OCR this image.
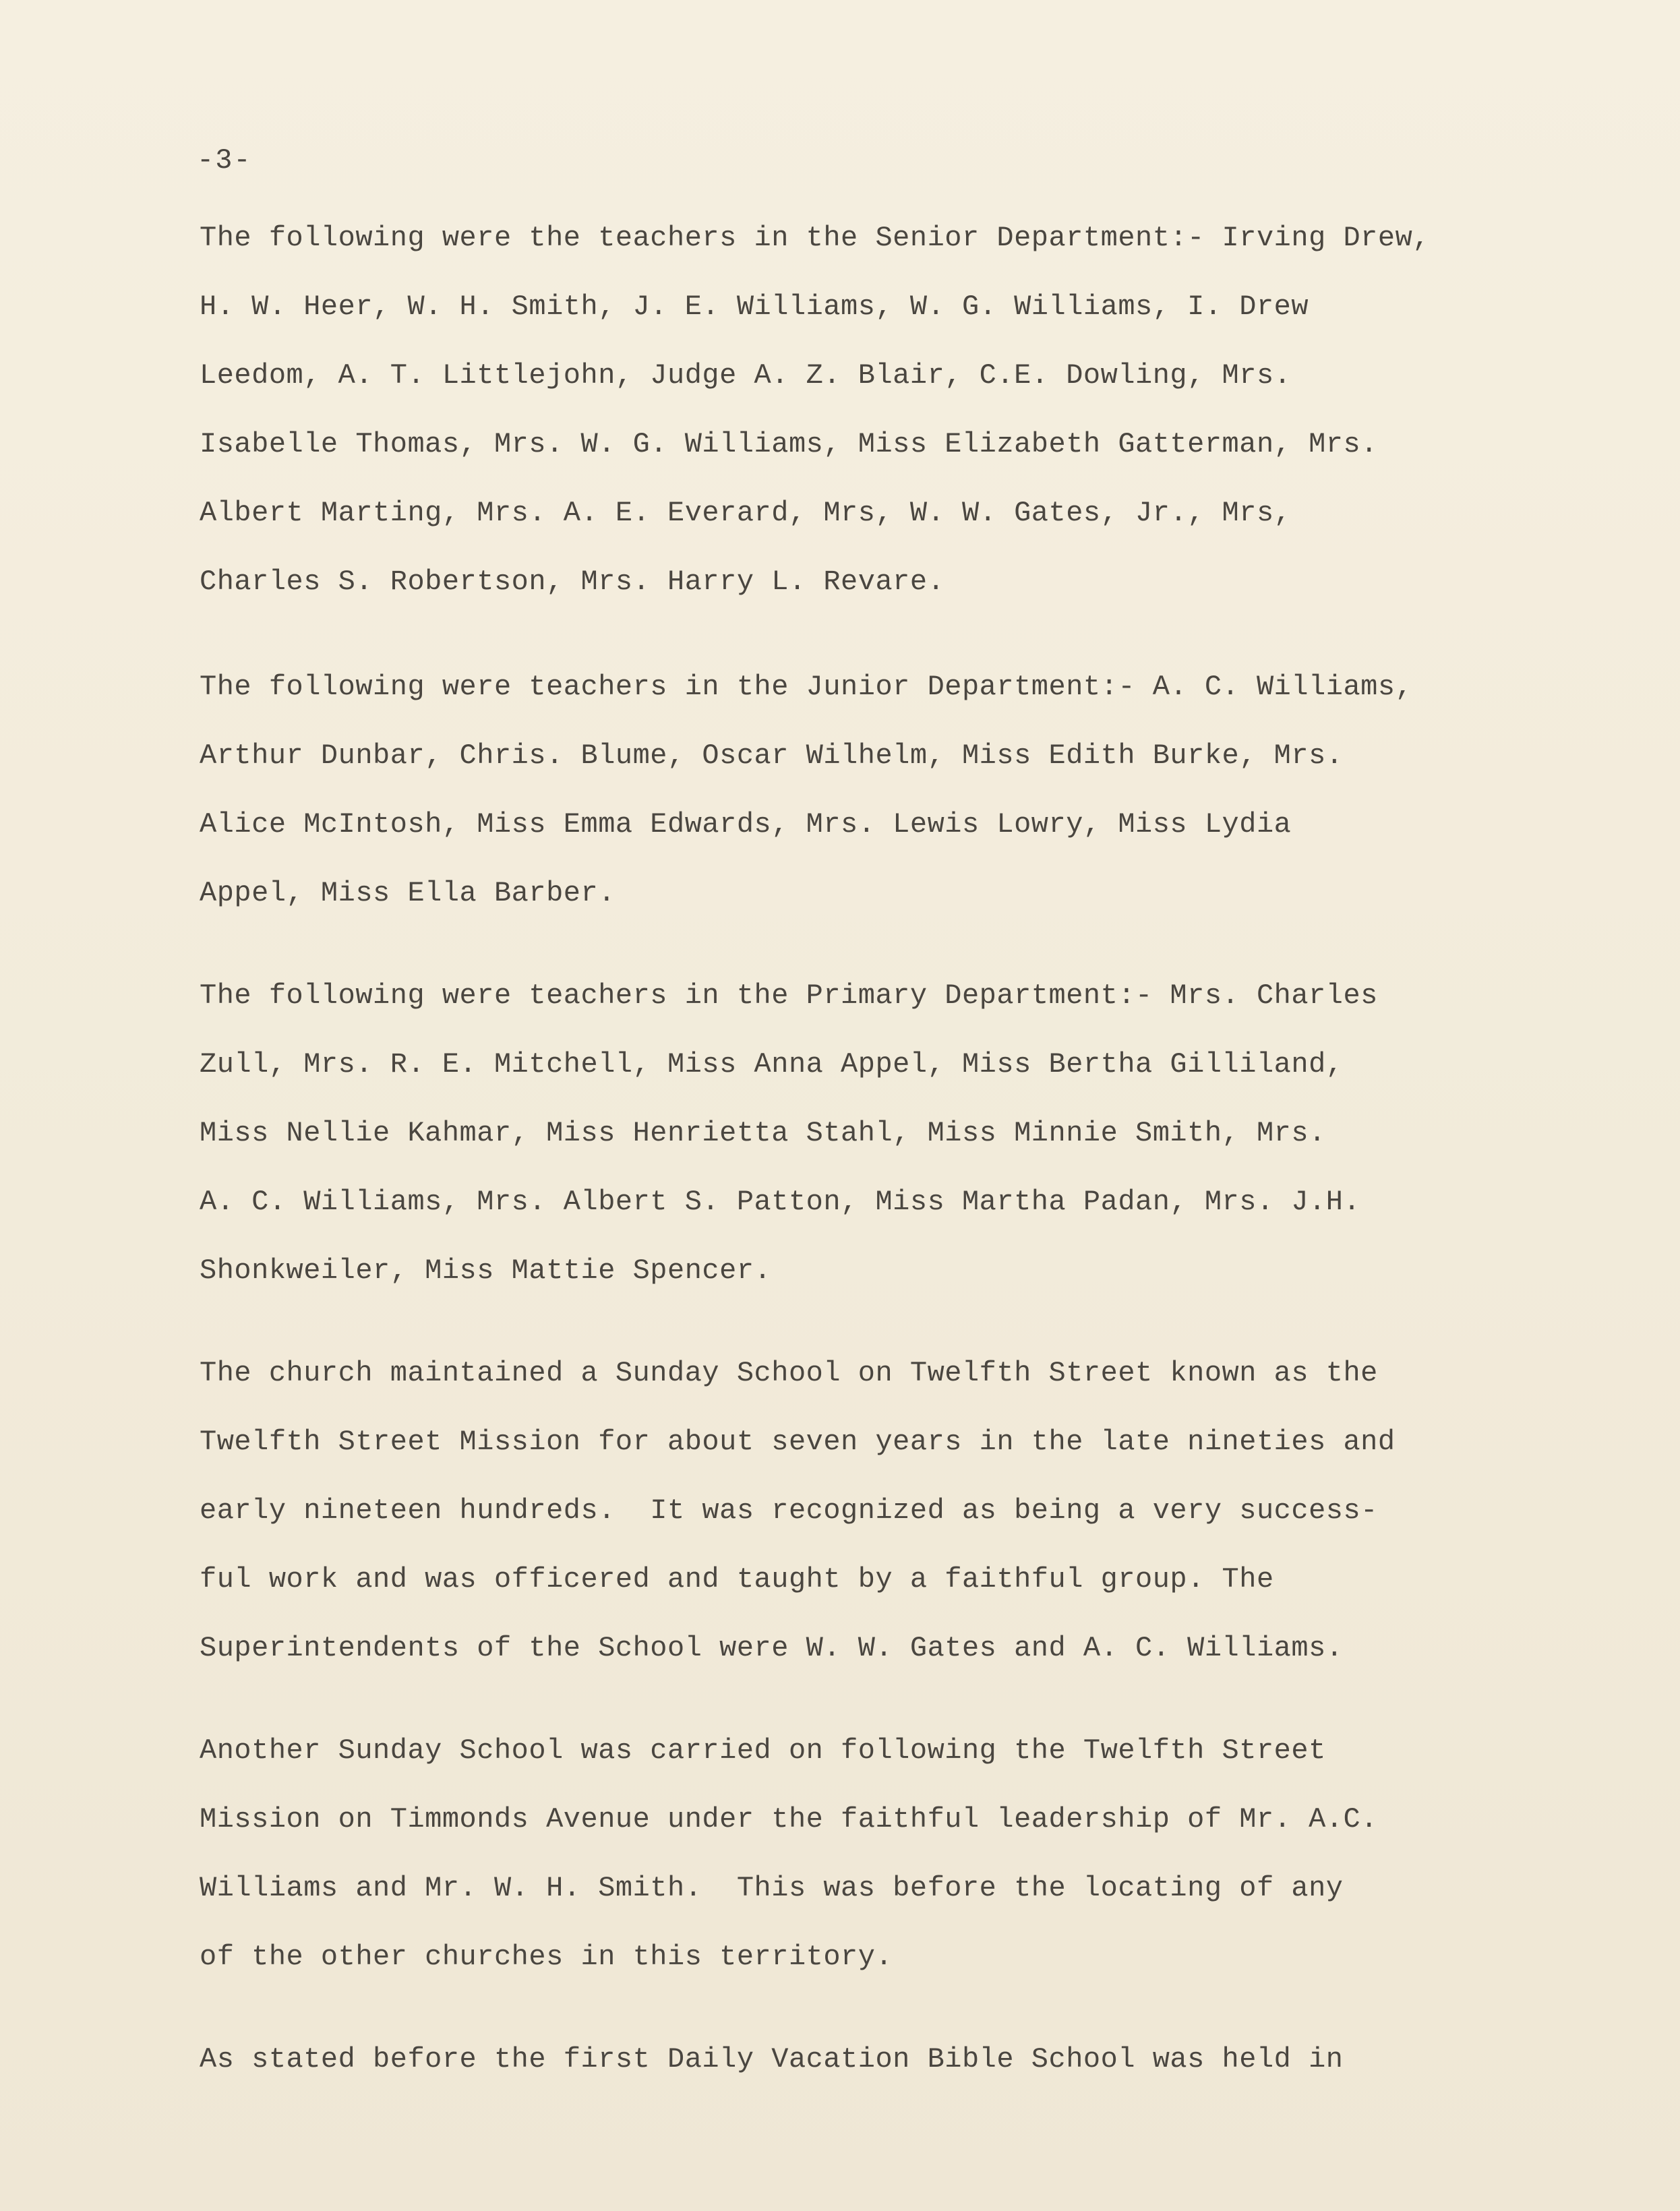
-3-

The following were the teachers in the Senior Department:- Irving Drew,
H. W. Heer, W. H. Smith, J. E. Williams, W. G. Williams, I. Drew
Leedom, A. T. Littlejohn, Judge A. Z. Blair, C.E. Dowling, Mrs.
Isabelle Thomas, Mrs. W. G. Williams, Miss Elizabeth Gatterman, Mrs.
Albert Marting, Mrs. A. E. Everard, Mrs, W. W. Gates, Jr., Mrs,
Charles S. Robertson, Mrs. Harry L. Revare.

The following were teachers in the Junior Department:- A. C. Williams,
Arthur Dunbar, Chris. Blume, Oscar Wilhelm, Miss Edith Burke, Mrs.
Alice McIntosh, Miss Emma Edwards, Mrs. Lewis Lowry, Miss Lydia
Appel, Miss Ella Barber.

The following were teachers in the Primary Department:- Mrs. Charles
Zull, Mrs. R. E. Mitchell, Miss Anna Appel, Miss Bertha Gilliland,
Miss Nellie Kahmar, Miss Henrietta Stahl, Miss Minnie Smith, Mrs.
A. C. Williams, Mrs. Albert S. Patton, Miss Martha Padan, Mrs. J.H.
Shonkweiler, Miss Mattie Spencer.

The church maintained a Sunday School on Twelfth Street known as the
Twelfth Street Mission for about seven years in the late nineties and
early nineteen hundreds.  It was recognized as being a very success-
ful work and was officered and taught by a faithful group. The
Superintendents of the School were W. W. Gates and A. C. Williams.

Another Sunday School was carried on following the Twelfth Street
Mission on Timmonds Avenue under the faithful leadership of Mr. A.C.
Williams and Mr. W. H. Smith.  This was before the locating of any
of the other churches in this territory.

As stated before the first Daily Vacation Bible School was held in
